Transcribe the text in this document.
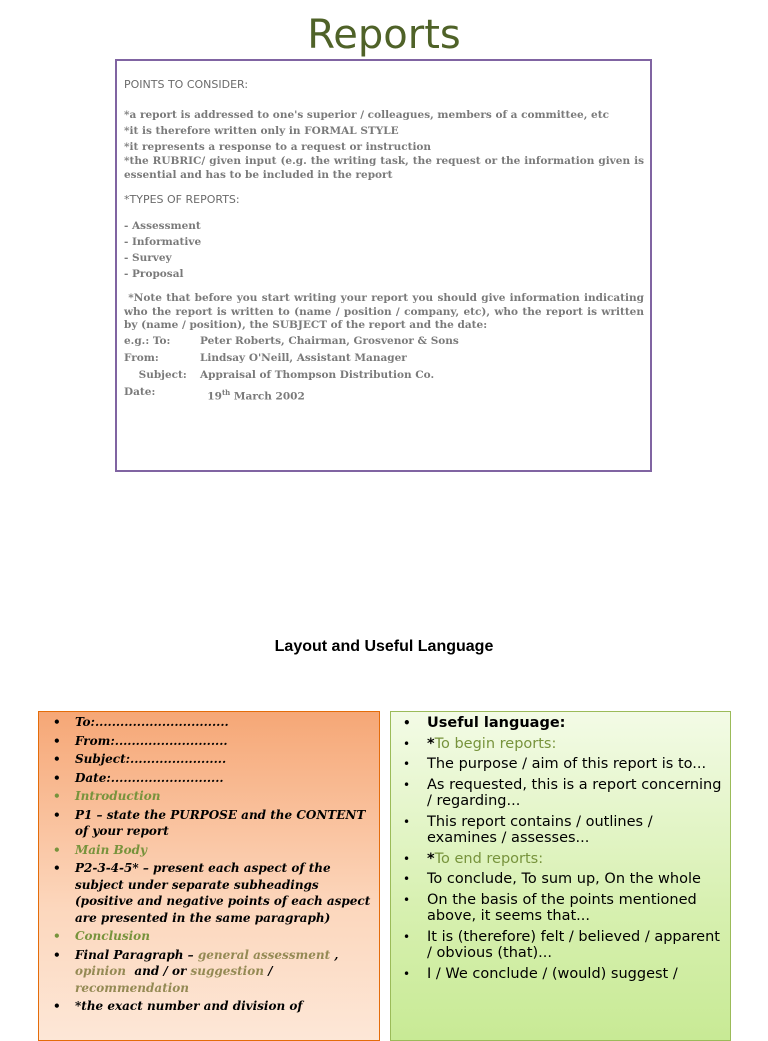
Reports
POINTS TO CONSIDER:
*a report is addressed to one's superior / colleagues, members of a committee, etc
*it is therefore written only in FORMAL STYLE
*it represents a response to a request or instruction
*the RUBRIC/ given input (e.g. the writing task, the request or the information given is essential and has to be included in the report
*TYPES OF REPORTS:
- Assessment
- Informative
- Survey
- Proposal
*Note that before you start writing your report you should give information indicating who the report is written to (name / position / company, etc), who the report is written by (name / position), the SUBJECT of the report and the date:
e.g.: To:	Peter Roberts, Chairman, Grosvenor & Sons
From:	Lindsay O'Neill, Assistant Manager
Subject:	Appraisal of Thompson Distribution Co.
Date:	19th March 2002
Layout and Useful Language
• To:................................
• From:...........................
• Subject:.......................
• Date:...........................
• Introduction
• P1 – state the PURPOSE and the CONTENT of your report
• Main Body
• P2-3-4-5* – present each aspect of the subject under separate subheadings (positive and negative points of each aspect are presented in the same paragraph)
• Conclusion
• Final Paragraph – general assessment , opinion  and / or suggestion / recommendation
• *the exact number and division of
• Useful language:
• *To begin reports:
• The purpose / aim of this report is to...
• As requested, this is a report concerning / regarding...
• This report contains / outlines / examines / assesses...
• *To end reports:
• To conclude, To sum up, On the whole
• On the basis of the points mentioned above, it seems that...
• It is (therefore) felt / believed / apparent / obvious (that)...
• I / We conclude / (would) suggest /
